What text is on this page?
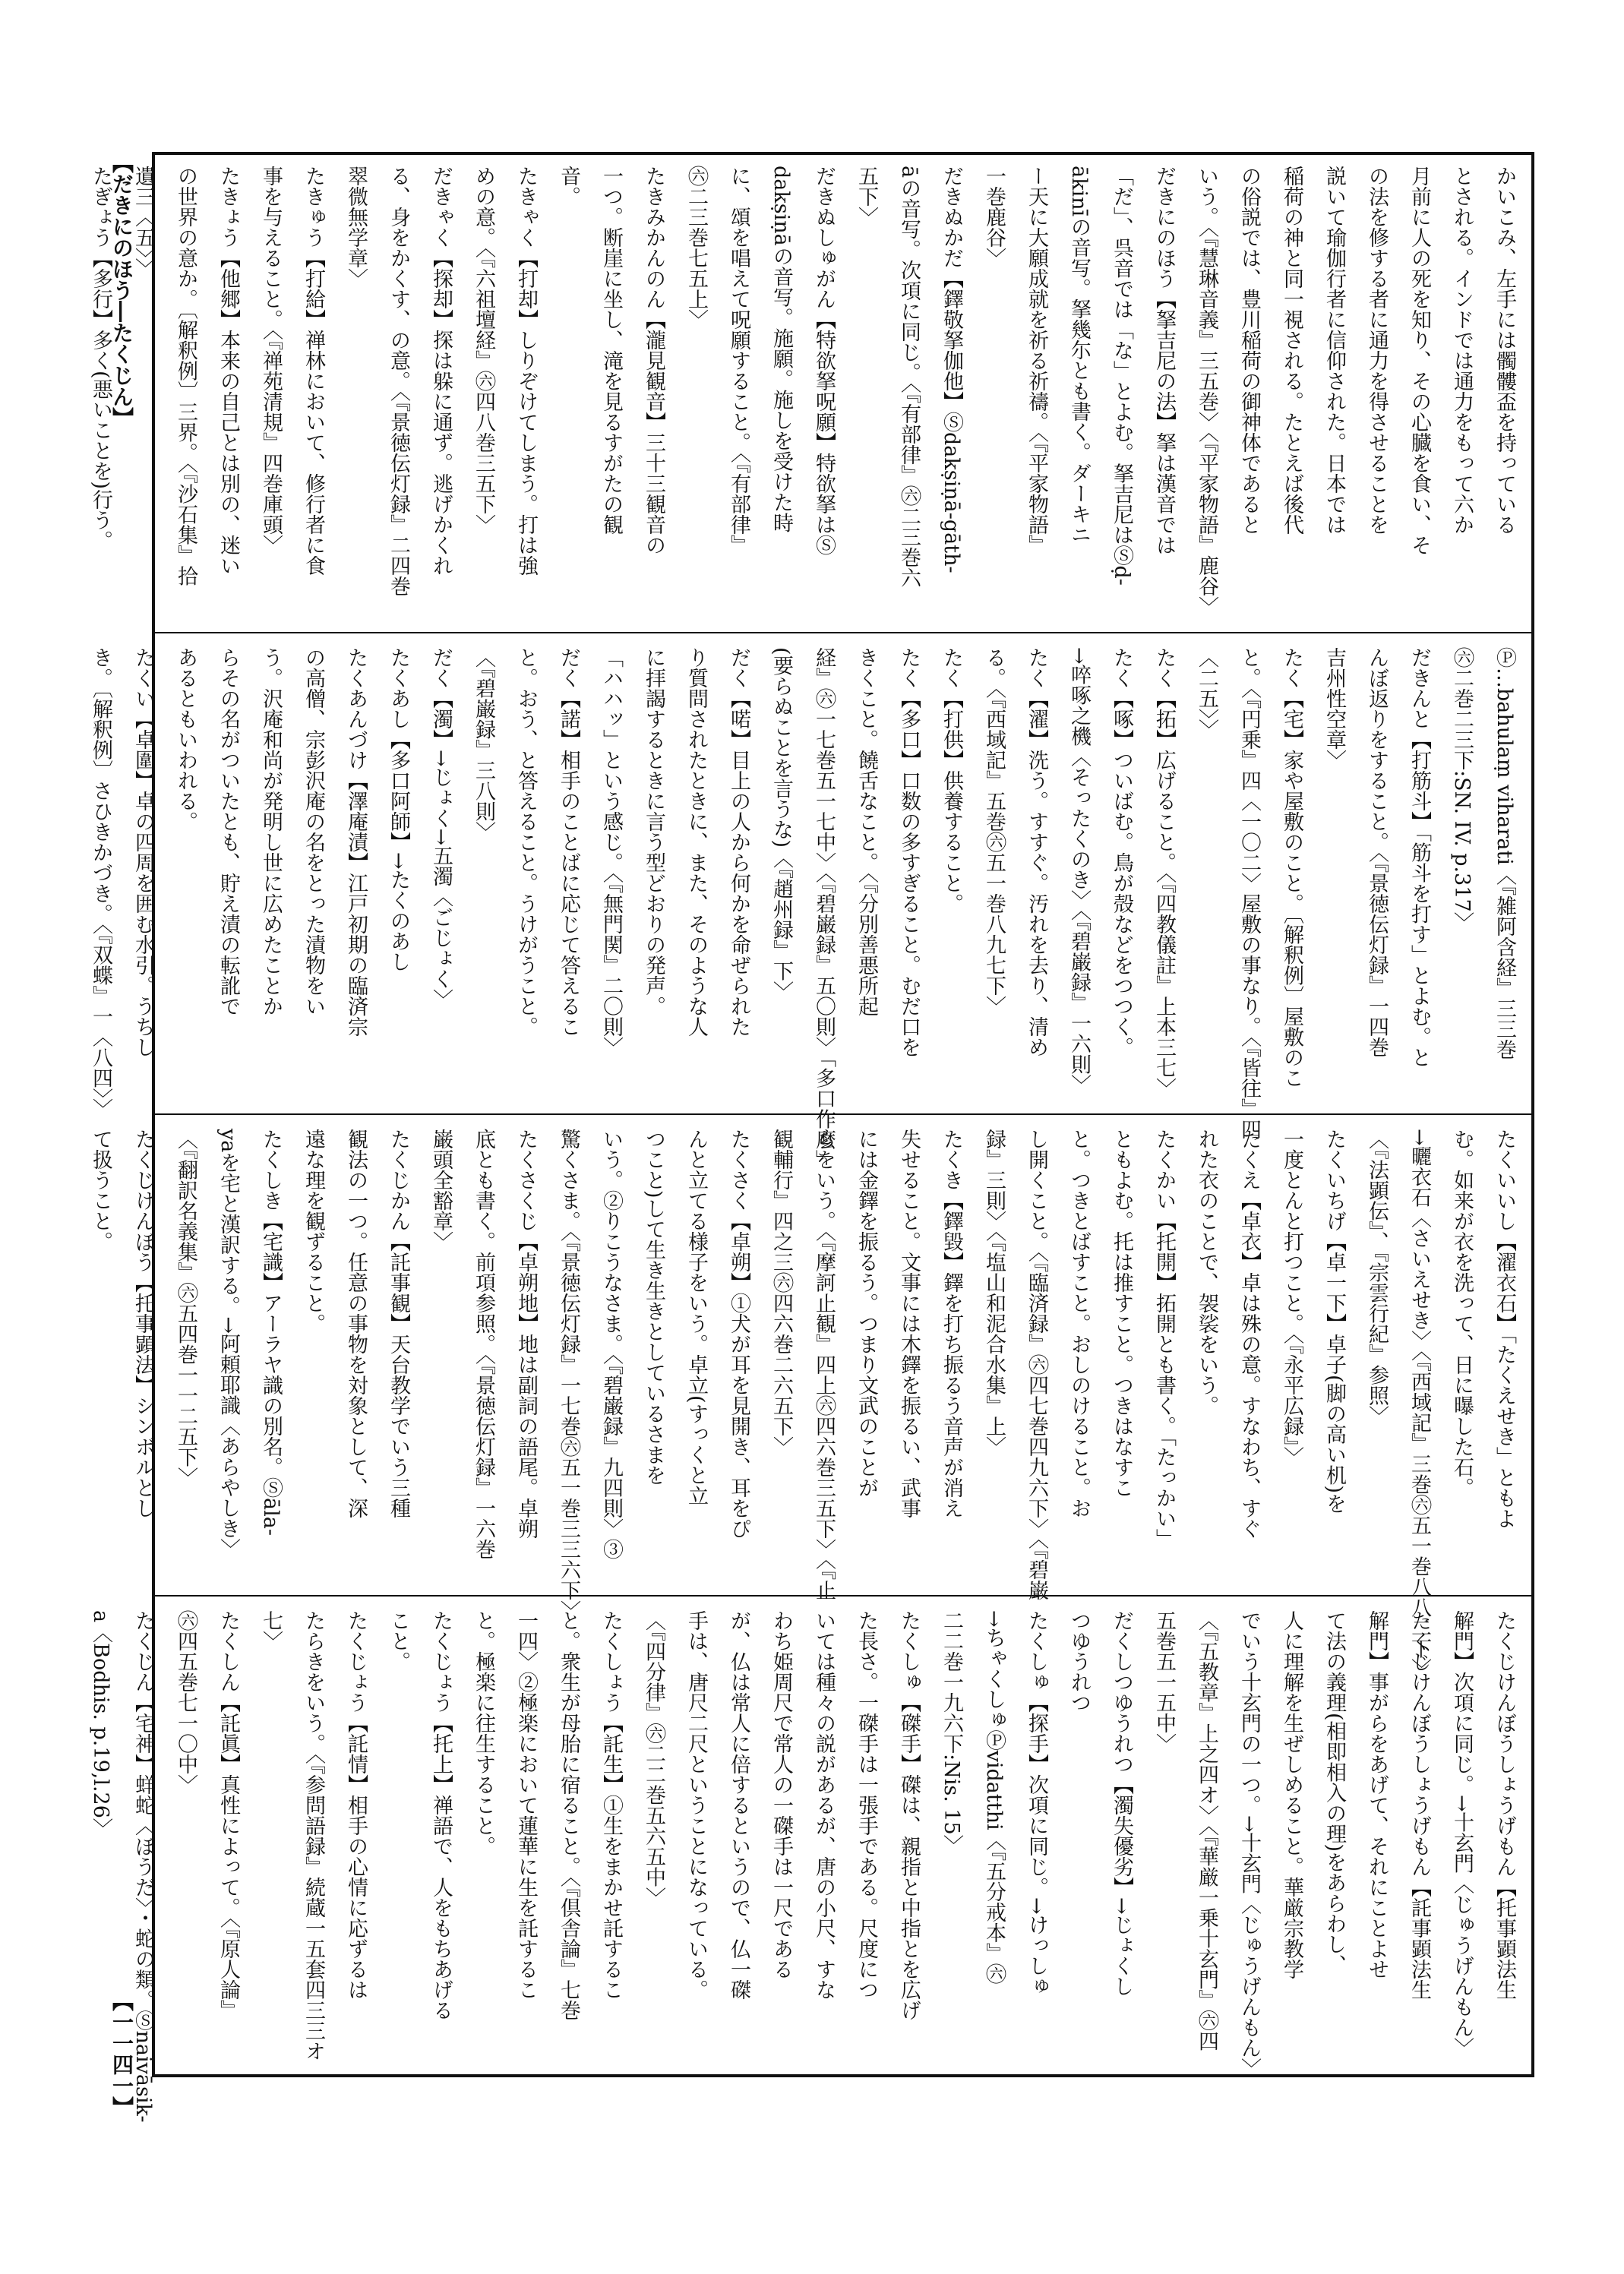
【だきにのほう―たくじん】	かいこみ、左手には髑髏盃を持っている
とされる。インドでは通力をもって六か
月前に人の死を知り、その心臓を食い、そ
の法を修する者に通力を得させることを
説いて瑜伽行者に信仰された。日本では
稲荷の神と同一視される。たとえば後代
の俗説では、豊川稲荷の御神体であると
いう。〈『慧琳音義』三五巻〉〈『平家物語』鹿谷〉
だきにのほう【拏吉尼の法】拏は漢音では
「だ」、呉音では「な」とよむ。拏吉尼はⓈḍ-
ākinīの音写。拏幾尓とも書く。ダーキニ
ー天に大願成就を祈る祈禱。〈『平家物語』
一巻鹿谷〉
だきぬかだ【鐸敬拏伽他】Ⓢdakṣiṇā-gāth-
āの音写。次項に同じ。〈『有部律』㊅二三巻六
五下〉
だきぬしゅがん【特欲拏呪願】特欲拏はⓈ
dakṣiṇāの音写。施願。施しを受けた時
に、頌を唱えて呪願すること。〈『有部律』
㊅二三巻七五上〉
たきみかんのん【瀧見観音】三十三観音の
一つ。断崖に坐し、滝を見るすがたの観
音。
たきゃく【打却】しりぞけてしまう。打は強
めの意。〈『六祖壇経』㊅四八巻三五下〉
だきゃく【探却】探は躲に通ず。逃げかくれ
る、身をかくす、の意。〈『景徳伝灯録』二四巻
翠微無学章〉
たきゅう【打給】禅林において、修行者に食
事を与えること。〈『禅苑清規』四巻庫頭〉
たきょう【他郷】本来の自己とは別の、迷い
の世界の意か。〔解釈例〕三界。〈『沙石集』拾
遺三〈五〉〉
たぎょう【多行】多く(悪いことを)行う。
Ⓟ…bahulaṃ viharati〈『雑阿含経』三三巻
㊅二巻二三下:SN. IV. p.317〉
だきんと【打筋斗】「筋斗を打す」とよむ。と
んぼ返りをすること。〈『景徳伝灯録』一四巻
吉州性空章〉
たく【宅】家や屋敷のこと。〔解釈例〕屋敷のこ
と。〈『円乗』四〈一〇二〉屋敷の事なり。〈『皆往』四
〈二五〉〉
たく【拓】広げること。〈『四教儀註』上本三七〉
たく【啄】ついばむ。鳥が殻などをつつく。
→啐啄之機〈そったくのき〉〈『碧巌録』一六則〉
たく【濯】洗う。すすぐ。汚れを去り、清め
る。〈『西域記』五巻㊅五一巻八九七下〉
たく【打供】供養すること。
たく【多口】口数の多すぎること。むだ口を
きくこと。饒舌なこと。〈『分別善悪所起
経』㊅一七巻五一七中〉〈『碧巌録』五〇則〉「多口作麼」
(要らぬことを言うな)〈『趙州録』下〉
だく【喏】目上の人から何かを命ぜられた
り質問されたときに、また、そのような人
に拝謁するときに言う型どおりの発声。
「ハハッ」という感じ。〈『無門関』二〇則〉
だく【諾】相手のことばに応じて答えるこ
と。おう、と答えること。うけがうこと。
〈『碧巌録』三八則〉
だく【濁】→じょく→五濁〈ごじょく〉
たくあし【多口阿師】→たくのあし
たくあんづけ【澤庵漬】江戸初期の臨済宗
の高僧、宗彭沢庵の名をとった漬物をい
う。沢庵和尚が発明し世に広めたことか
らその名がついたとも、貯え漬の転訛で
あるともいわれる。
たくい【卓圍】卓の四周を囲む水引。うちし
き。〔解釈例〕さひきかづき。〈『双蝶』一〈八四〉〉
たくいいし【濯衣石】「たくえせき」ともよ
む。如来が衣を洗って、日に曝した石。
→曬衣石〈さいえせき〉〈『西域記』三巻㊅五一巻八八二下〉
〈『法顕伝』、『宗雲行紀』参照〉
たくいちげ【卓一下】卓子(脚の高い机)を
一度とんと打つこと。〈『永平広録』〉
たくえ【卓衣】卓は殊の意。すなわち、すぐ
れた衣のことで、袈裟をいう。
たくかい【托開】拓開とも書く。「たっかい」
ともよむ。托は推すこと。つきはなすこ
と。つきとばすこと。おしのけること。お
し開くこと。〈『臨済録』㊅四七巻四九六下〉〈『碧巌
録』三則〉〈『塩山和泥合水集』上〉
たくき【鐸毀】鐸を打ち振るう音声が消え
失せること。文事には木鐸を振るい、武事
には金鐸を振るう。つまり文武のことが
らをいう。〈『摩訶止観』四上㊅四六巻三五下〉〈『止
観輔行』四之三㊅四六巻二六五下〉
たくさく【卓朔】①犬が耳を見開き、耳をぴ
んと立てる様子をいう。卓立(すっくと立
つこと)して生き生きとしているさまを
いう。②りこうなさま。〈『碧巌録』九四則〉③
驚くさま。〈『景徳伝灯録』一七巻㊅五一巻三三六下〉
たくさくじ【卓朔地】地は副詞の語尾。卓朔
底とも書く。前項参照。〈『景徳伝灯録』一六巻
巌頭全豁章〉
たくじかん【託事観】天台教学でいう三種
観法の一つ。任意の事物を対象として、深
遠な理を観ずること。
たくしき【宅識】アーラヤ識の別名。Ⓢāla-
yaを宅と漢訳する。→阿頼耶識〈あらやしき〉
〈『翻訳名義集』㊅五四巻一一二五下〉
たくじけんぼう【托事顕法】シンボルとし
て扱うこと。
たくじけんぼうしょうげもん【托事顕法生
解門】次項に同じ。→十玄門〈じゅうげんもん〉
たくじけんぼうしょうげもん【託事顕法生
解門】事がらをあげて、それにことよせ
て法の義理(相即相入の理)をあらわし、
人に理解を生ぜしめること。華厳宗教学
でいう十玄門の一つ。→十玄門〈じゅうげんもん〉
〈『五教章』上之四オ〉〈『華厳一乗十玄門』㊅四
五巻五一五中〉
だくしつゆうれつ【濁失優劣】→じょくし
つゆうれつ
たくしゅ【探手】次項に同じ。→けっしゅ
→ちゃくしゅⓅvidatthi〈『五分戒本』㊅
二二巻一九六下:Nis. 15〉
たくしゅ【磔手】磔は、親指と中指とを広げ
た長さ。一磔手は一張手である。尺度につ
いては種々の説があるが、唐の小尺、すな
わち姫周尺で常人の一磔手は一尺である
が、仏は常人に倍するというので、仏一磔
手は、唐尺二尺ということになっている。
〈『四分律』㊅二二巻五六五中〉
たくしょう【託生】①生をまかせ託するこ
と。衆生が母胎に宿ること。〈『倶舎論』七巻
一四〉②極楽において蓮華に生を託するこ
と。極楽に往生すること。
たくじょう【托上】禅語で、人をもちあげる
こと。
たくじょう【託情】相手の心情に応ずるは
たらきをいう。〈『参問語録』続蔵一五套四三三オ
七〉
たくしん【託眞】真性によって。〈『原人論』
㊅四五巻七一〇中〉
たくじん【宅神】蛘蛇〈ぼうだ〉・蛇の類。Ⓢnaivāsik-
a〈Bodhis. p.19,l.26〉
【一一四一】
